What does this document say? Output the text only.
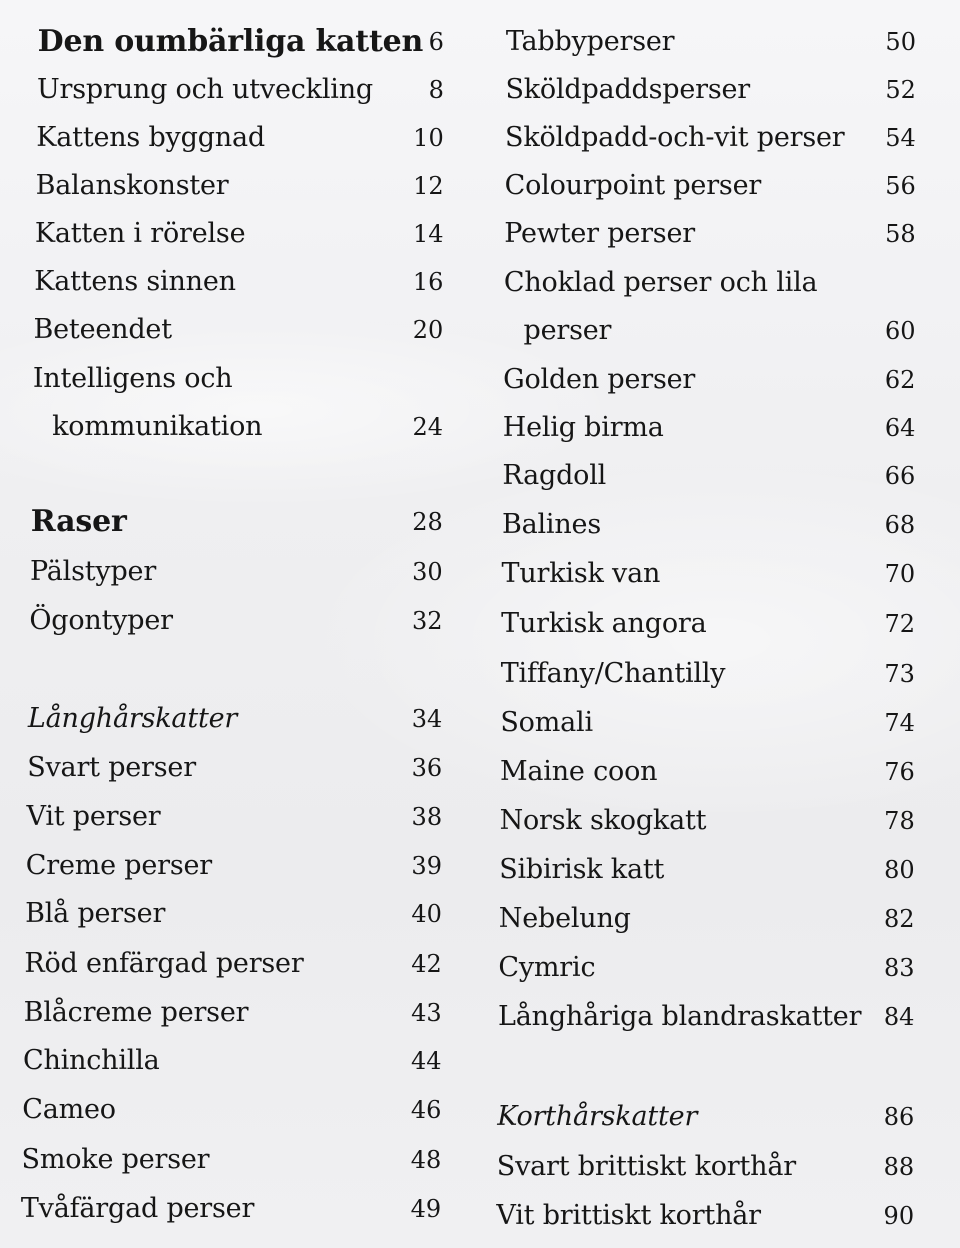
Den oumbärliga katten 6
Ursprung och utveckling 8
Kattens byggnad	10
Balanskonster	12
Katten i rörelse	14
Kattens sinnen	16
Beteendet	20
Intelligens och
kommunikation	24
Raser	28
Pälstyper	30
Ögontyper	32
Långhårskatter	34
Svart perser	36
Vit perser	38
Creme perser	39
Blå perser	40
Röd enfärgad perser	42
Blåcreme perser	43
Chinchilla	44
Cameo	46
Smoke perser	48
Tvåfärgad perser	49
Tabbyperser	50
Sköldpaddsperser	52
Sköldpadd-och-vit perser 54
Colourpoint perser	56
Pewter perser	58
Choklad perser och lila
perser	60
Golden perser	62
Helig birma	64
Ragdoll	66
Balines	68
Turkisk van	70
Turkisk angora	72
Tiffany/Chantilly	73
Somali	74
Maine coon	76
Norsk skogkatt	78
Sibirisk katt	80
Nebelung	82
Cymric	83
Långhåriga blandraskatter 84
Korthårskatter	86
Svart brittiskt korthår	88
Vit brittiskt korthår	90
